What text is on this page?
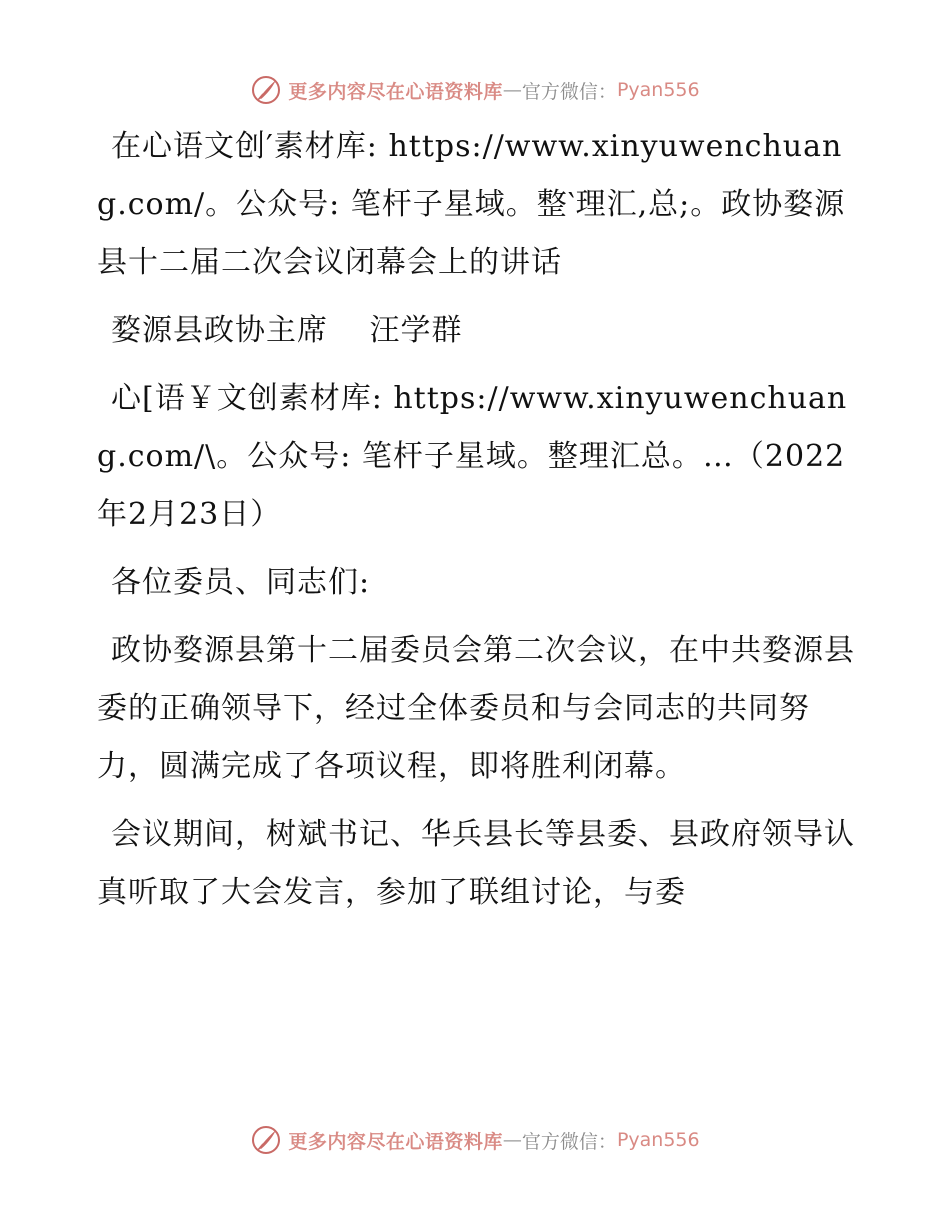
更多内容尽在心语资料库 — 官方微信： Pyan556

在心语文创′素材库: https://www.xinyuwenchuang.com/。公众号: 笔杆子星域。整‵理汇,总;。政协婺源县十二届二次会议闭幕会上的讲话

婺源县政协主席　 汪学群

心[语￥文创素材库: https://www.xinyuwenchuang.com/\。公众号: 笔杆子星域。整理汇总。…（2022年2月23日）

各位委员、同志们:

政协婺源县第十二届委员会第二次会议，在中共婺源县委的正确领导下，经过全体委员和与会同志的共同努力，圆满完成了各项议程，即将胜利闭幕。

会议期间，树斌书记、华兵县长等县委、县政府领导认真听取了大会发言，参加了联组讨论，与委

更多内容尽在心语资料库 — 官方微信： Pyan556
